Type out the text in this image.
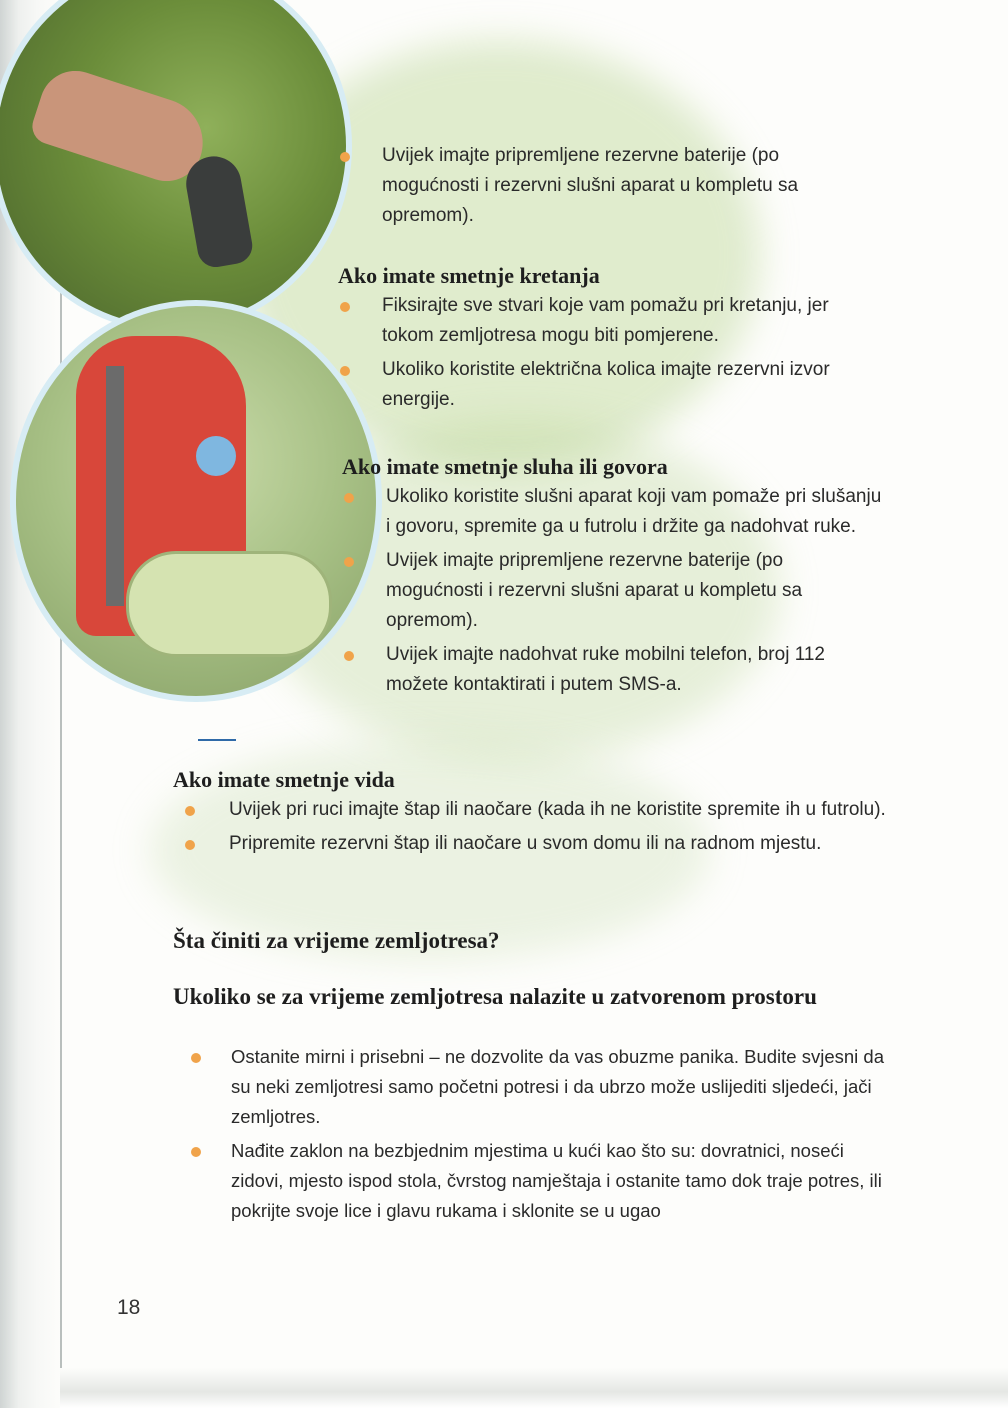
Uvijek imajte pripremljene rezervne baterije (po mogućnosti i rezervni slušni aparat u kompletu sa opremom).
Ako imate smetnje kretanja
Fiksirajte sve stvari koje vam pomažu pri kretanju, jer tokom zemljotresa mogu biti pomjerene.
Ukoliko koristite električna kolica imajte rezervni izvor energije.
Ako imate smetnje sluha ili govora
Ukoliko koristite slušni aparat koji vam pomaže pri slušanju i govoru, spremite ga u futrolu i držite ga nadohvat ruke.
Uvijek imajte pripremljene rezervne baterije (po mogućnosti i rezervni slušni aparat u kompletu sa opremom).
Uvijek imajte nadohvat ruke mobilni telefon, broj 112 možete kontaktirati i putem SMS-a.
Ako imate smetnje vida
Uvijek pri ruci imajte štap ili naočare (kada ih ne koristite spremite ih u futrolu).
Pripremite rezervni štap ili naočare u svom domu ili na radnom mjestu.
Šta činiti za vrijeme zemljotresa?
Ukoliko se za vrijeme zemljotresa nalazite u zatvorenom prostoru
Ostanite mirni i prisebni – ne dozvolite da vas obuzme panika. Budite svjesni da su neki zemljotresi samo početni potresi i da ubrzo može uslijediti sljedeći, jači zemljotres.
Nađite zaklon na bezbjednim mjestima u kući kao što su: dovratnici, noseći zidovi, mjesto ispod stola, čvrstog namještaja i ostanite tamo dok traje potres, ili pokrijte svoje lice i glavu rukama i sklonite se u ugao
18
